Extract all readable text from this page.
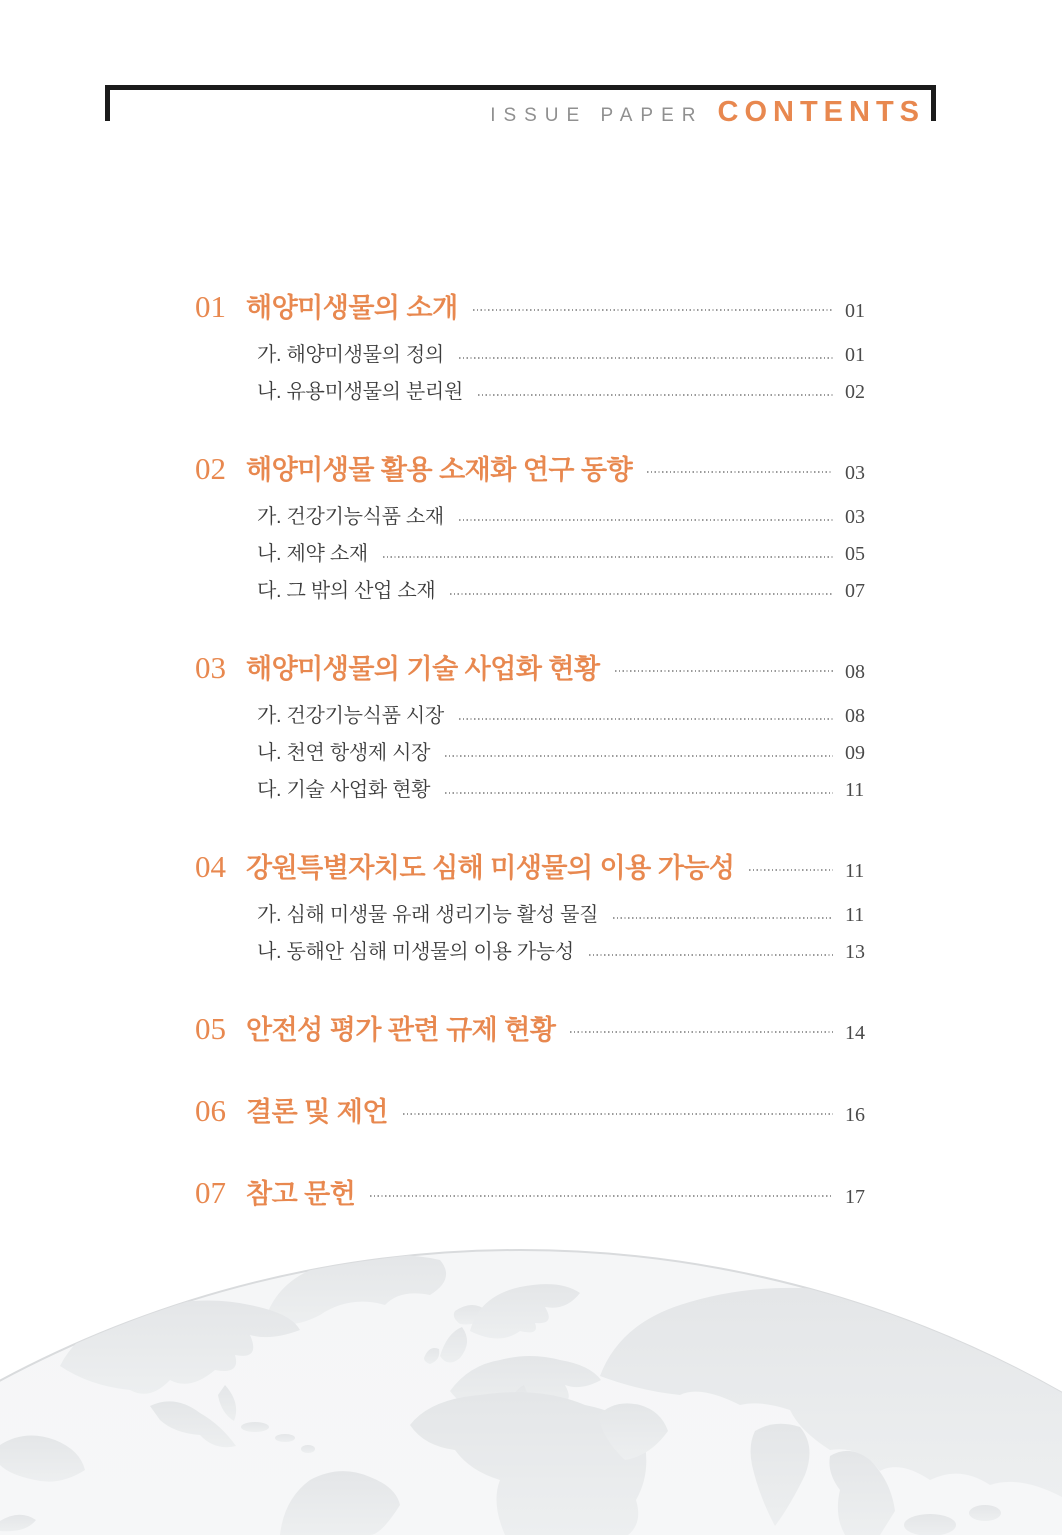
ISSUE PAPER CONTENTS
01 해양미생물의 소개	01
가. 해양미생물의 정의	01
나. 유용미생물의 분리원	02
02 해양미생물 활용 소재화 연구 동향	03
가. 건강기능식품 소재	03
나. 제약 소재	05
다. 그 밖의 산업 소재	07
03 해양미생물의 기술 사업화 현황	08
가. 건강기능식품 시장	08
나. 천연 항생제 시장	09
다. 기술 사업화 현황	11
04 강원특별자치도 심해 미생물의 이용 가능성	11
가. 심해 미생물 유래 생리기능 활성 물질	11
나. 동해안 심해 미생물의 이용 가능성	13
05 안전성 평가 관련 규제 현황	14
06 결론 및 제언	16
07 참고 문헌	17
